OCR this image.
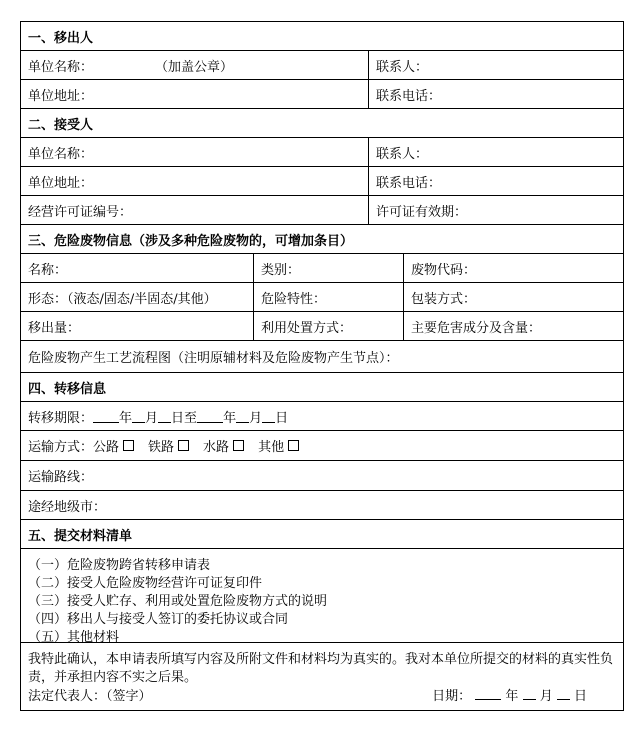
一、移出人
单位名称：	（加盖公章）	联系人：
单位地址：	联系电话：
二、接受人
单位名称：	联系人：
单位地址：	联系电话：
经营许可证编号：	许可证有效期：
三、危险废物信息（涉及多种危险废物的，可增加条目）
名称：	类别：	废物代码：
形态：（液态/固态/半固态/其他）	危险特性：	包装方式：
移出量：	利用处置方式：	主要危害成分及含量：
危险废物产生工艺流程图（注明原辅材料及危险废物产生节点）：
四、转移信息
转移期限： 年 月 日至 年 月 日
运输方式： 公路 铁路 水路 其他
运输路线：
途经地级市：
五、提交材料清单
（一）危险废物跨省转移申请表
（二）接受人危险废物经营许可证复印件
（三）接受人贮存、利用或处置危险废物方式的说明
（四）移出人与接受人签订的委托协议或合同
（五）其他材料
我特此确认，本申请表所填写内容及所附文件和材料均为真实的。我对本单位所提交的材料的真实性负责，并承担内容不实之后果。
法定代表人：（签字）	日期：	年 月 日
